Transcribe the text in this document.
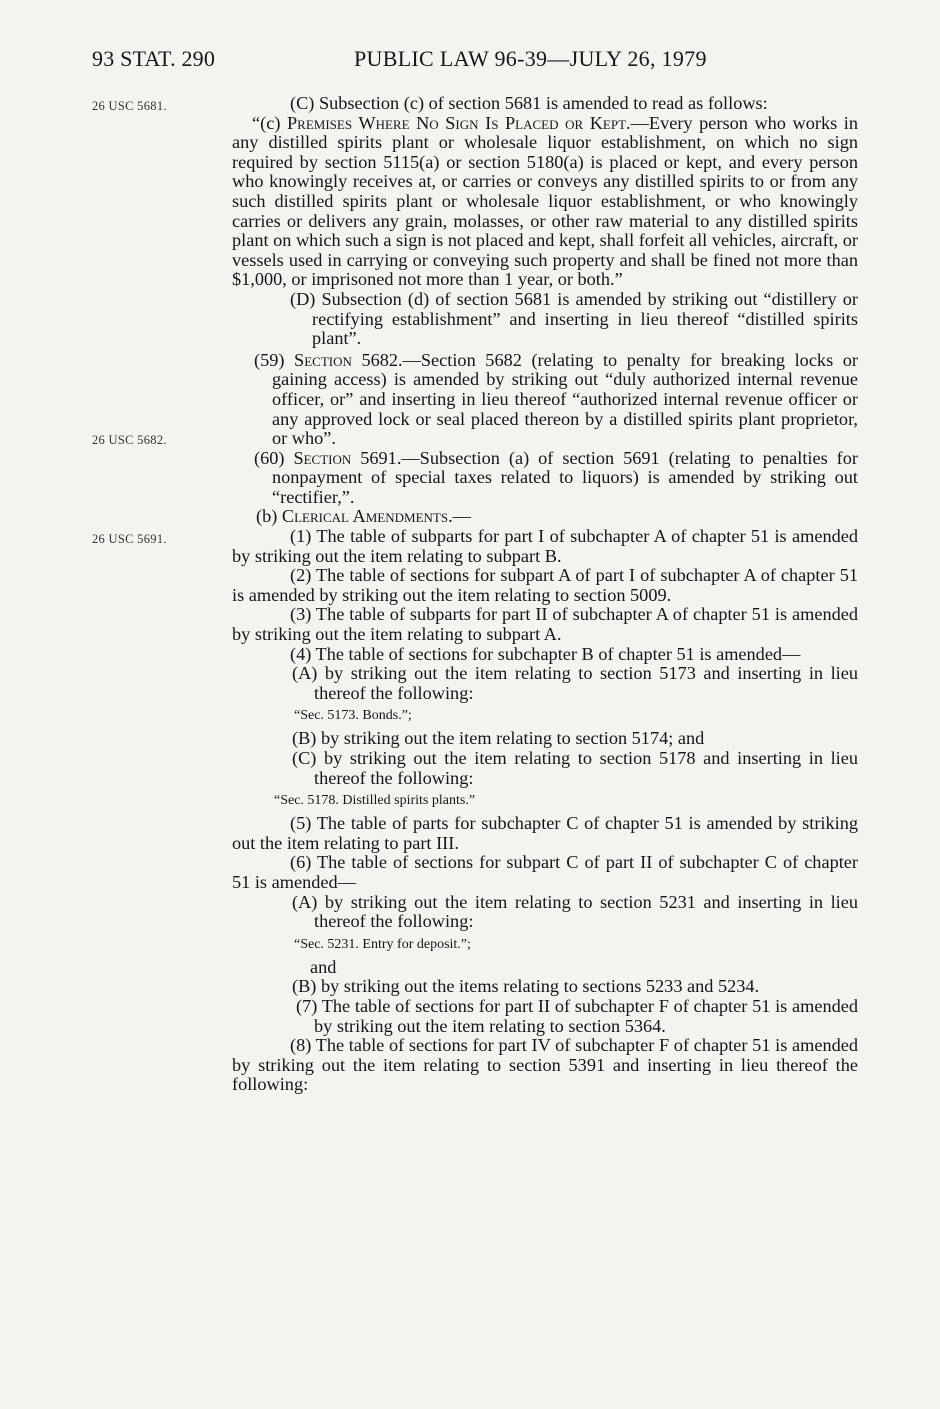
93 STAT. 290	PUBLIC LAW 96-39—JULY 26, 1979
26 USC 5681.
26 USC 5682.
26 USC 5691.

(C) Subsection (c) of section 5681 is amended to read as follows:

“(c) Premises Where No Sign Is Placed or Kept.—Every person who works in any distilled spirits plant or wholesale liquor establishment, on which no sign required by section 5115(a) or section 5180(a) is placed or kept, and every person who knowingly receives at, or carries or conveys any distilled spirits to or from any such distilled spirits plant or wholesale liquor establishment, or who knowingly carries or delivers any grain, molasses, or other raw material to any distilled spirits plant on which such a sign is not placed and kept, shall forfeit all vehicles, aircraft, or vessels used in carrying or conveying such property and shall be fined not more than $1,000, or imprisoned not more than 1 year, or both.”

(D) Subsection (d) of section 5681 is amended by striking out “distillery or rectifying establishment” and inserting in lieu thereof “distilled spirits plant”.

(59) Section 5682.—Section 5682 (relating to penalty for breaking locks or gaining access) is amended by striking out “duly authorized internal revenue officer, or” and inserting in lieu thereof “authorized internal revenue officer or any approved lock or seal placed thereon by a distilled spirits plant proprietor, or who”.

(60) Section 5691.—Subsection (a) of section 5691 (relating to penalties for nonpayment of special taxes related to liquors) is amended by striking out “rectifier,”.

(b) Clerical Amendments.—

(1) The table of subparts for part I of subchapter A of chapter 51 is amended by striking out the item relating to subpart B.

(2) The table of sections for subpart A of part I of subchapter A of chapter 51 is amended by striking out the item relating to section 5009.

(3) The table of subparts for part II of subchapter A of chapter 51 is amended by striking out the item relating to subpart A.

(4) The table of sections for subchapter B of chapter 51 is amended—

(A) by striking out the item relating to section 5173 and inserting in lieu thereof the following:

“Sec. 5173. Bonds.”;

(B) by striking out the item relating to section 5174; and

(C) by striking out the item relating to section 5178 and inserting in lieu thereof the following:

“Sec. 5178. Distilled spirits plants.”

(5) The table of parts for subchapter C of chapter 51 is amended by striking out the item relating to part III.

(6) The table of sections for subpart C of part II of subchapter C of chapter 51 is amended—

(A) by striking out the item relating to section 5231 and inserting in lieu thereof the following:

“Sec. 5231. Entry for deposit.”;

and

(B) by striking out the items relating to sections 5233 and 5234.

(7) The table of sections for part II of subchapter F of chapter 51 is amended by striking out the item relating to section 5364.

(8) The table of sections for part IV of subchapter F of chapter 51 is amended by striking out the item relating to section 5391 and inserting in lieu thereof the following:
